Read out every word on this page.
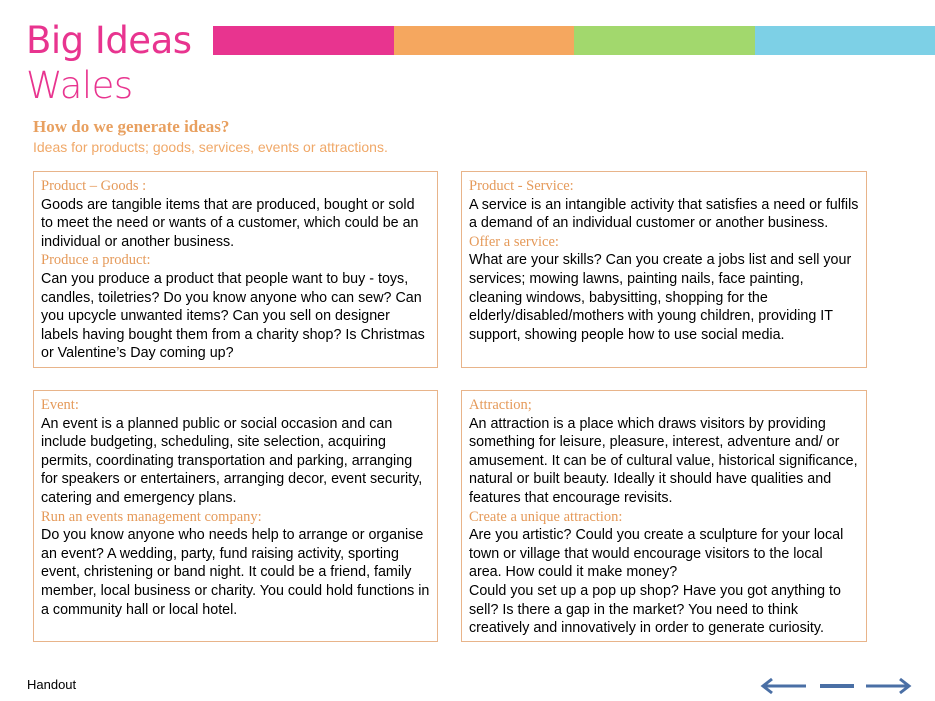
Big Ideas
Wales
How do we generate ideas?
Ideas for products; goods, services, events or attractions.
Product – Goods :
Goods are tangible items that are produced, bought or sold to meet the need or wants of a customer, which could be an individual or another business.
Produce a product:
Can you produce a product that people want to buy - toys, candles, toiletries? Do you know anyone who can sew? Can you upcycle unwanted items? Can you sell on designer labels having bought them from a charity shop? Is Christmas or Valentine’s Day coming up?
Product - Service:
A service is an intangible activity that satisfies a need or fulfils a demand of an individual customer or another business.
Offer a service:
What are your skills? Can you create a jobs list and sell your services; mowing lawns, painting nails, face painting, cleaning windows, babysitting, shopping for the elderly/disabled/mothers with young children, providing IT support, showing people how to use social media.
Event:
An event is a planned public or social occasion and can include budgeting, scheduling, site selection, acquiring permits, coordinating transportation and parking, arranging for speakers or entertainers, arranging decor, event security, catering and emergency plans.
Run an events management company:
Do you know anyone who needs help to arrange or organise an event? A wedding, party, fund raising activity, sporting event, christening or band night. It could be a friend, family member, local business or charity. You could hold functions in a community hall or local hotel.
Attraction;
An attraction is a place which draws visitors by providing something for leisure, pleasure, interest, adventure and/ or amusement. It can be of cultural value, historical significance, natural or built beauty. Ideally it should have qualities and features that encourage revisits.
Create a unique attraction:
Are you artistic? Could you create a sculpture for your local town or village that would encourage visitors to the local area. How could it make money?
Could you set up a pop up shop? Have you got anything to sell? Is there a gap in the market? You need to think creatively and innovatively in order to generate curiosity.
Handout
